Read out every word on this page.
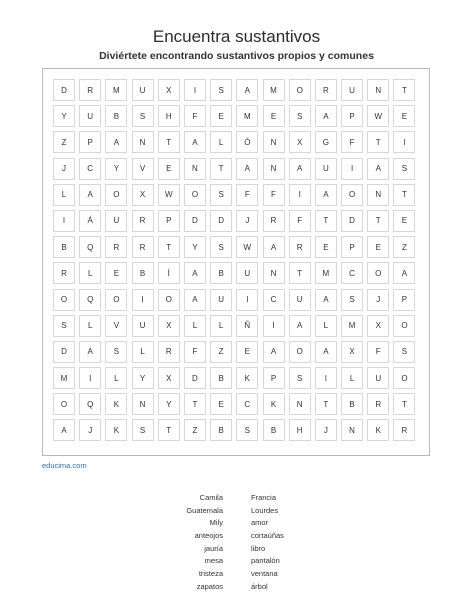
Encuentra sustantivos
Diviértete encontrando sustantivos propios y comunes
D	R	M	U	X	I	S	A	M	O	R	U	N	T
Y	U	B	S	H	F	E	M	E	S	A	P	W	E
Z	P	A	N	T	A	L	Ó	N	X	G	F	T	I
J	C	Y	V	E	N	T	A	N	A	U	I	A	S
L	A	O	X	W	O	S	F	F	I	A	O	N	T
I	Á	U	R	P	D	D	J	R	F	T	D	T	E
B	Q	R	R	T	Y	S	W	A	R	E	P	E	Z
R	L	E	B	Í	A	B	U	N	T	M	C	O	A
O	Q	O	I	O	A	U	I	C	U	A	S	J	P
S	L	V	U	X	L	L	Ñ	I	A	L	M	X	O
D	A	S	L	R	F	Z	E	A	O	A	X	F	S
M	I	L	Y	X	D	B	K	P	S	I	L	U	O
O	Q	K	N	Y	T	E	C	K	N	T	B	R	T
A	J	K	S	T	Z	B	S	B	H	J	N	K	R
educima.com
Camila
Guatemala
Mily
anteojos
jauría
mesa
tristeza
zapatos
Francia
Lourdes
amor
cortaúñas
libro
pantalón
ventana
árbol
